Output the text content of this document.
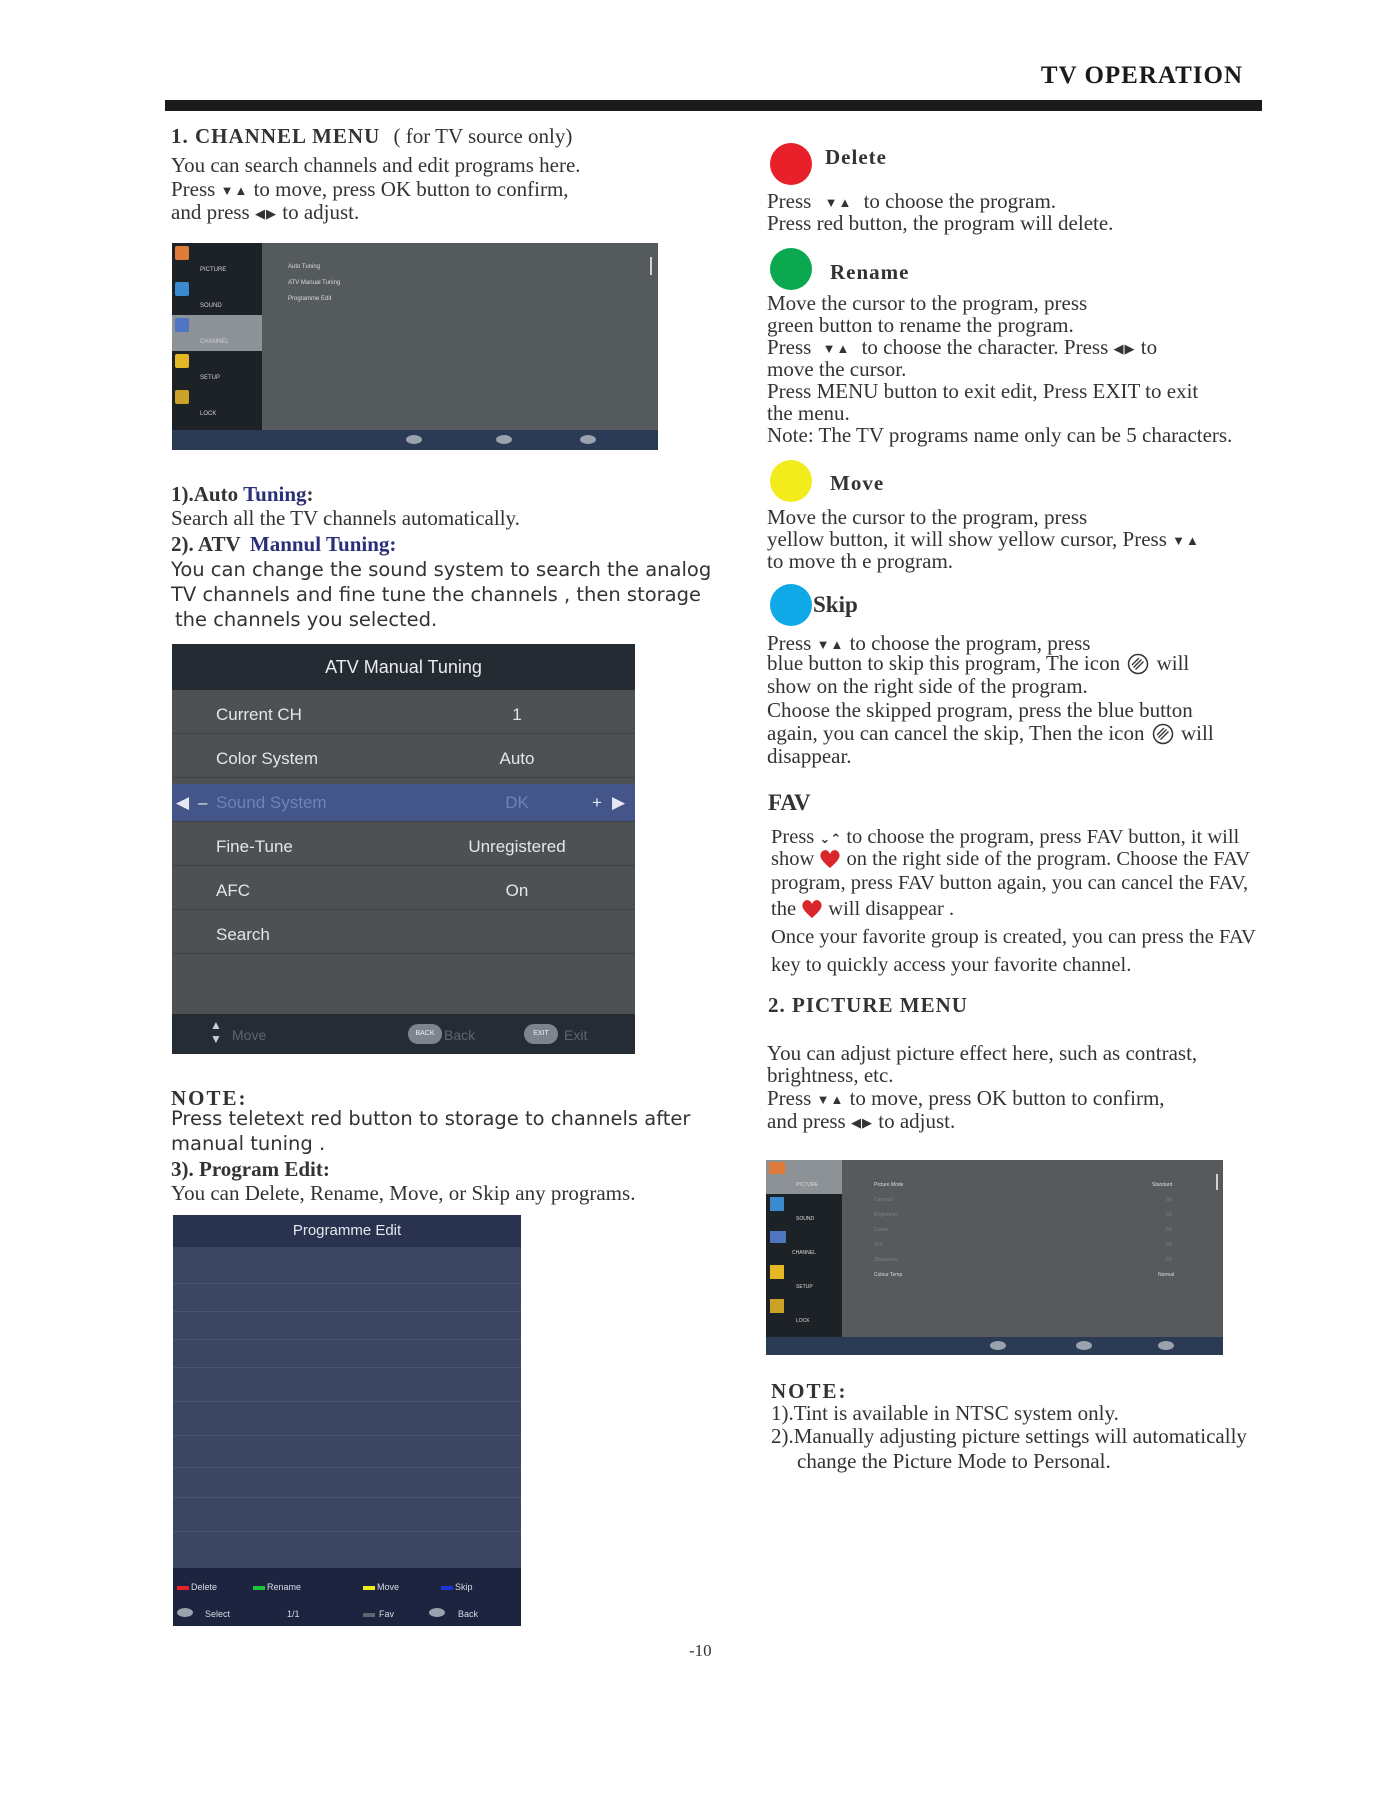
TV OPERATION
1. CHANNEL MENU ( for TV source only)
You can search channels and edit programs here.
Press ▼▲ to move, press OK button to confirm,
and press ◀▶ to adjust.
PICTURE
SOUND
CHANNEL
SETUP
LOCK
Auto Tuning
ATV Manual Tuning
Programme Edit
1).Auto Tuning:
Search all the TV channels automatically.
2). ATV Mannul Tuning:
You can change the sound system to search the analog
TV channels and fine tune the channels , then storage
the channels you selected.
ATV Manual Tuning
Current CH	1
Color System	Auto
◀ – Sound System	DK	+ ▶
Fine-Tune	Unregistered
AFC	On
Search
▲
▼ Move	BACK Back	EXIT	Exit
NOTE:
Press teletext red button to storage to channels after
manual tuning .
3). Program Edit:
You can Delete, Rename, Move, or Skip any programs.
Programme Edit
Delete	Rename	Move	Skip
Select	1/1	Fav	Back
Delete
Press ▼▲ to choose the program.
Press red button, the program will delete.
Rename
Move the cursor to the program, press
green button to rename the program.
Press ▼▲ to choose the character. Press ◀▶ to
move the cursor.
Press MENU button to exit edit, Press EXIT to exit
the menu.
Note: The TV programs name only can be 5 characters.
Move
Move the cursor to the program, press
yellow button, it will show yellow cursor, Press ▼▲
to move th e program.
Skip
Press ▼▲ to choose the program, press
blue button to skip this program, The icon will
show on the right side of the program.
Choose the skipped program, press the blue button
again, you can cancel the skip, Then the icon will
disappear.
FAV
Press ⌄⌃ to choose the program, press FAV button, it will
show on the right side of the program. Choose the FAV
program, press FAV button again, you can cancel the FAV,
the will disappear .
Once your favorite group is created, you can press the FAV
key to quickly access your favorite channel.
2. PICTURE MENU
You can adjust picture effect here, such as contrast,
brightness, etc.
Press ▼▲ to move, press OK button to confirm,
and press ◀▶ to adjust.
PICTURE
SOUND
CHANNEL
SETUP
LOCK
Picture Mode	Standard
Contrast	50
Brightness	50
Colour	50
Tint	50
Sharpness	50
Colour Temp	Normal
NOTE:
1).Tint is available in NTSC system only.
2).Manually adjusting picture settings will automatically
change the Picture Mode to Personal.
-10
